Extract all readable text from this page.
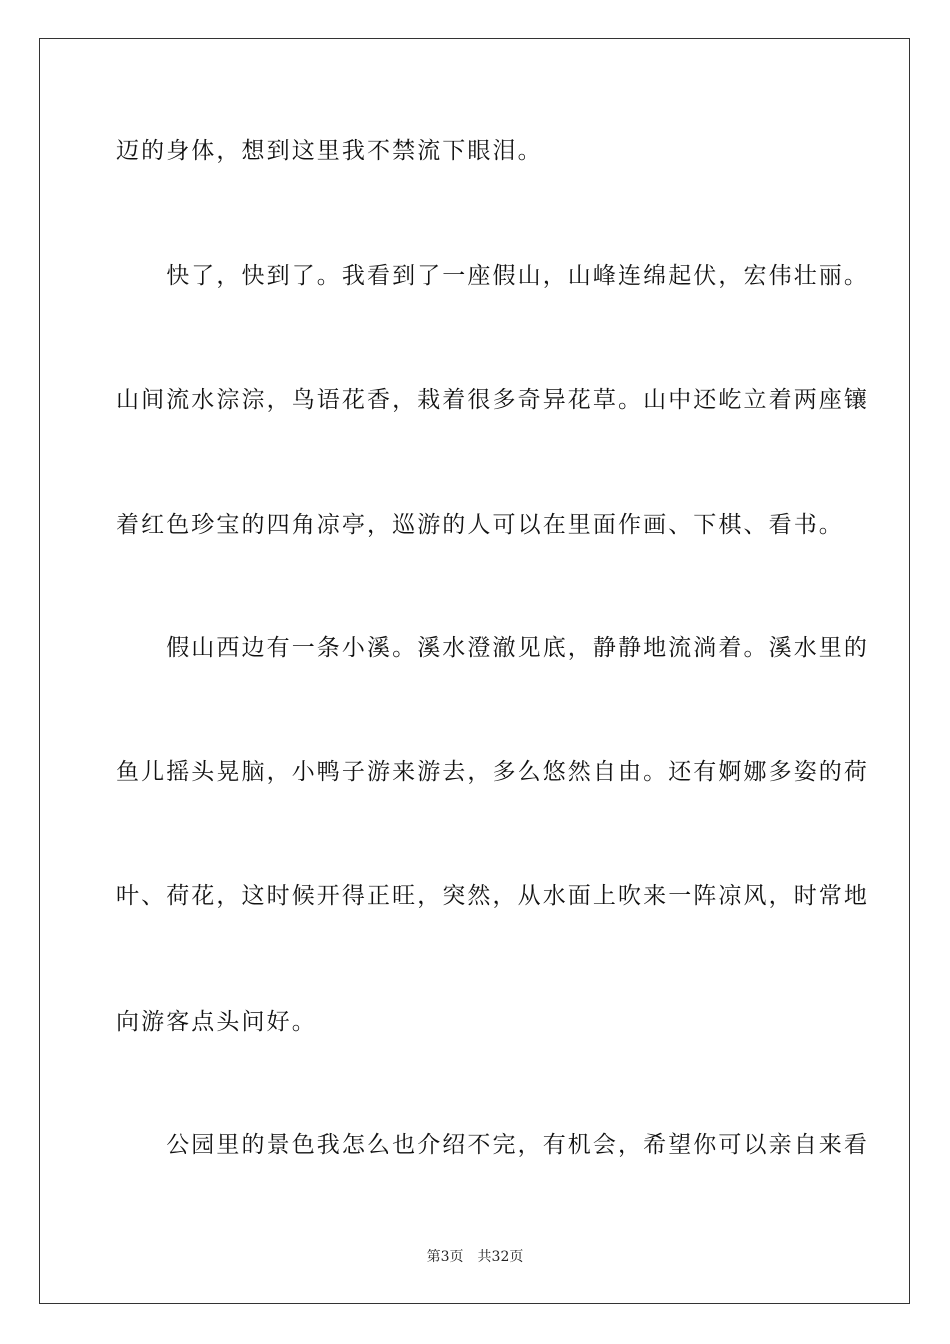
迈的身体，想到这里我不禁流下眼泪。
　　快了，快到了。我看到了一座假山，山峰连绵起伏，宏伟壮丽。
山间流水淙淙，鸟语花香，栽着很多奇异花草。山中还屹立着两座镶
着红色珍宝的四角凉亭，巡游的人可以在里面作画、下棋、看书。
　　假山西边有一条小溪。溪水澄澈见底，静静地流淌着。溪水里的
鱼儿摇头晃脑，小鸭子游来游去，多么悠然自由。还有婀娜多姿的荷
叶、荷花，这时候开得正旺，突然，从水面上吹来一阵凉风，时常地
向游客点头问好。
　　公园里的景色我怎么也介绍不完，有机会，希望你可以亲自来看
第3页 共32页
